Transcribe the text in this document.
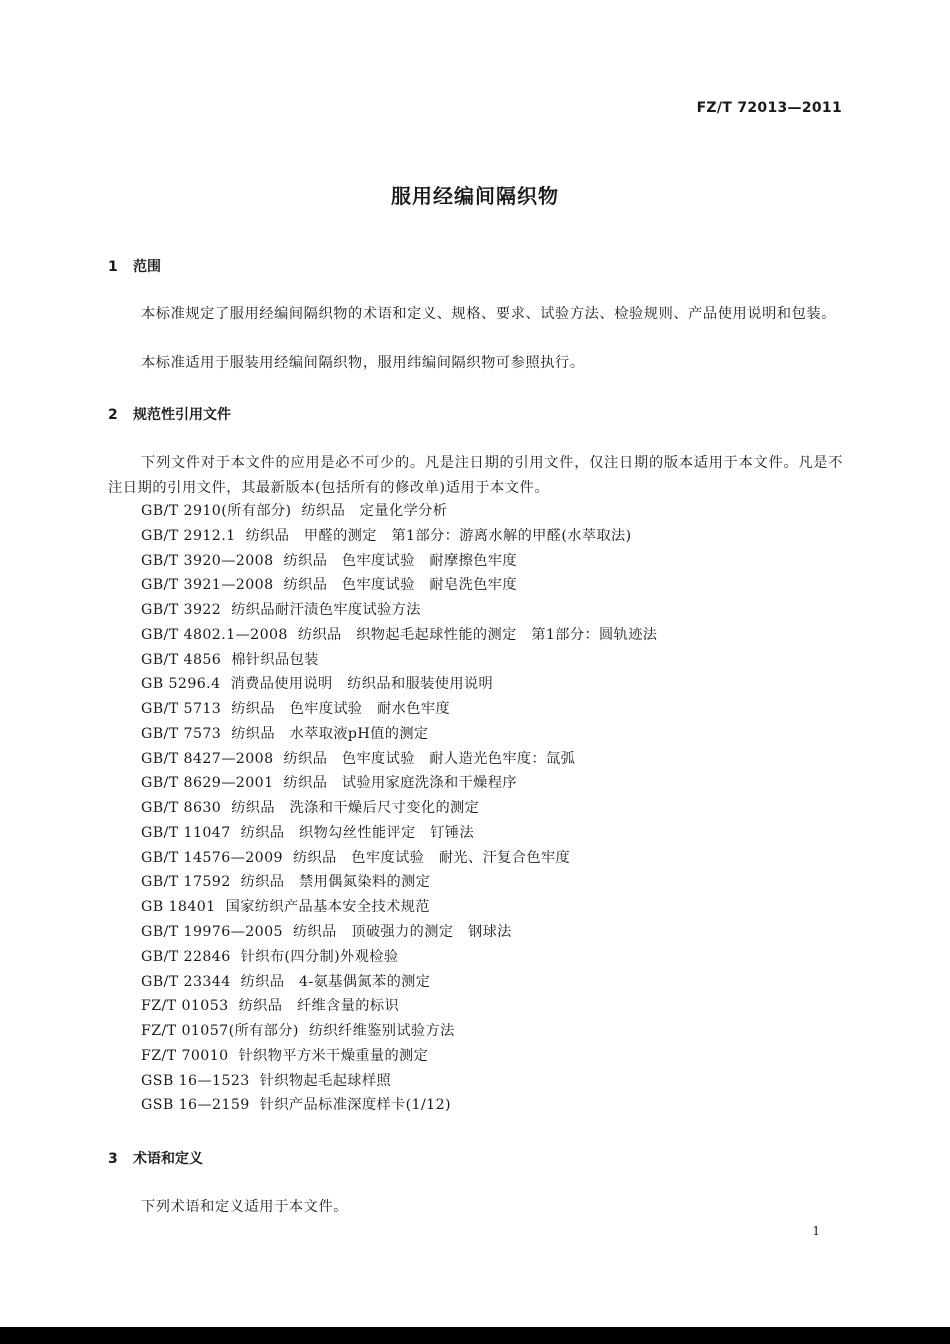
FZ/T 72013—2011
服用经编间隔织物
1 范围
本标准规定了服用经编间隔织物的术语和定义、规格、要求、试验方法、检验规则、产品使用说明和包装。
本标准适用于服装用经编间隔织物，服用纬编间隔织物可参照执行。
2 规范性引用文件
下列文件对于本文件的应用是必不可少的。凡是注日期的引用文件，仅注日期的版本适用于本文件。凡是不注日期的引用文件，其最新版本(包括所有的修改单)适用于本文件。
GB/T 2910(所有部分) 纺织品　定量化学分析
GB/T 2912.1 纺织品　甲醛的测定　第1部分：游离水解的甲醛(水萃取法)
GB/T 3920—2008 纺织品　色牢度试验　耐摩擦色牢度
GB/T 3921—2008 纺织品　色牢度试验　耐皂洗色牢度
GB/T 3922 纺织品耐汗渍色牢度试验方法
GB/T 4802.1—2008 纺织品　织物起毛起球性能的测定　第1部分：圆轨迹法
GB/T 4856 棉针织品包装
GB 5296.4 消费品使用说明　纺织品和服装使用说明
GB/T 5713 纺织品　色牢度试验　耐水色牢度
GB/T 7573 纺织品　水萃取液pH值的测定
GB/T 8427—2008 纺织品　色牢度试验　耐人造光色牢度：氙弧
GB/T 8629—2001 纺织品　试验用家庭洗涤和干燥程序
GB/T 8630 纺织品　洗涤和干燥后尺寸变化的测定
GB/T 11047 纺织品　织物勾丝性能评定　钉锤法
GB/T 14576—2009 纺织品　色牢度试验　耐光、汗复合色牢度
GB/T 17592 纺织品　禁用偶氮染料的测定
GB 18401 国家纺织产品基本安全技术规范
GB/T 19976—2005 纺织品　顶破强力的测定　钢球法
GB/T 22846 针织布(四分制)外观检验
GB/T 23344 纺织品　4-氨基偶氮苯的测定
FZ/T 01053 纺织品　纤维含量的标识
FZ/T 01057(所有部分) 纺织纤维鉴别试验方法
FZ/T 70010 针织物平方米干燥重量的测定
GSB 16—1523 针织物起毛起球样照
GSB 16—2159 针织产品标准深度样卡(1/12)
3 术语和定义
下列术语和定义适用于本文件。
1
